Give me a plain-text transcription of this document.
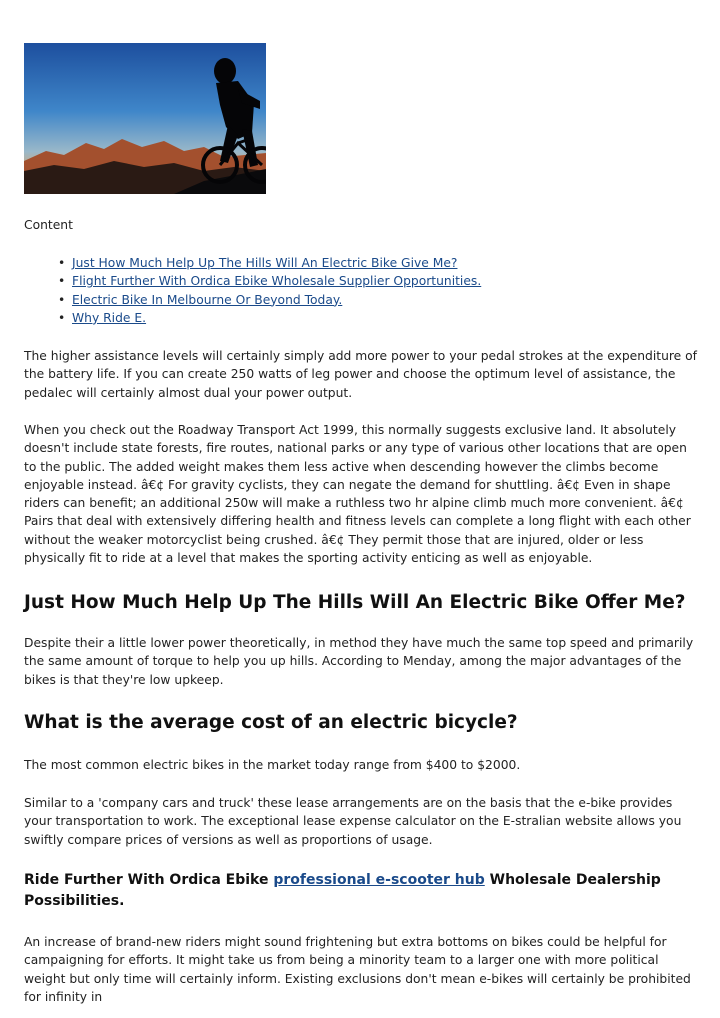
Content
• Just How Much Help Up The Hills Will An Electric Bike Give Me?
• Flight Further With Ordica Ebike Wholesale Supplier Opportunities.
• Electric Bike In Melbourne Or Beyond Today.
• Why Ride E.

The higher assistance levels will certainly simply add more power to your pedal strokes at the expenditure of the battery life. If you can create 250 watts of leg power and choose the optimum level of assistance, the pedalec will certainly almost dual your power output.

When you check out the Roadway Transport Act 1999, this normally suggests exclusive land. It absolutely doesn't include state forests, fire routes, national parks or any type of various other locations that are open to the public. The added weight makes them less active when descending however the climbs become enjoyable instead. â€¢ For gravity cyclists, they can negate the demand for shuttling. â€¢ Even in shape riders can benefit; an additional 250w will make a ruthless two hr alpine climb much more convenient. â€¢ Pairs that deal with extensively differing health and fitness levels can complete a long flight with each other without the weaker motorcyclist being crushed. â€¢ They permit those that are injured, older or less physically fit to ride at a level that makes the sporting activity enticing as well as enjoyable.

Just How Much Help Up The Hills Will An Electric Bike Offer Me?

Despite their a little lower power theoretically, in method they have much the same top speed and primarily the same amount of torque to help you up hills. According to Menday, among the major advantages of the bikes is that they're low upkeep.

What is the average cost of an electric bicycle?

The most common electric bikes in the market today range from $400 to $2000.

Similar to a 'company cars and truck' these lease arrangements are on the basis that the e-bike provides your transportation to work. The exceptional lease expense calculator on the E-stralian website allows you swiftly compare prices of versions as well as proportions of usage.

Ride Further With Ordica Ebike professional e-scooter hub Wholesale Dealership Possibilities.

An increase of brand-new riders might sound frightening but extra bottoms on bikes could be helpful for campaigning for efforts. It might take us from being a minority team to a larger one with more political weight but only time will certainly inform. Existing exclusions don't mean e-bikes will certainly be prohibited for infinity in
